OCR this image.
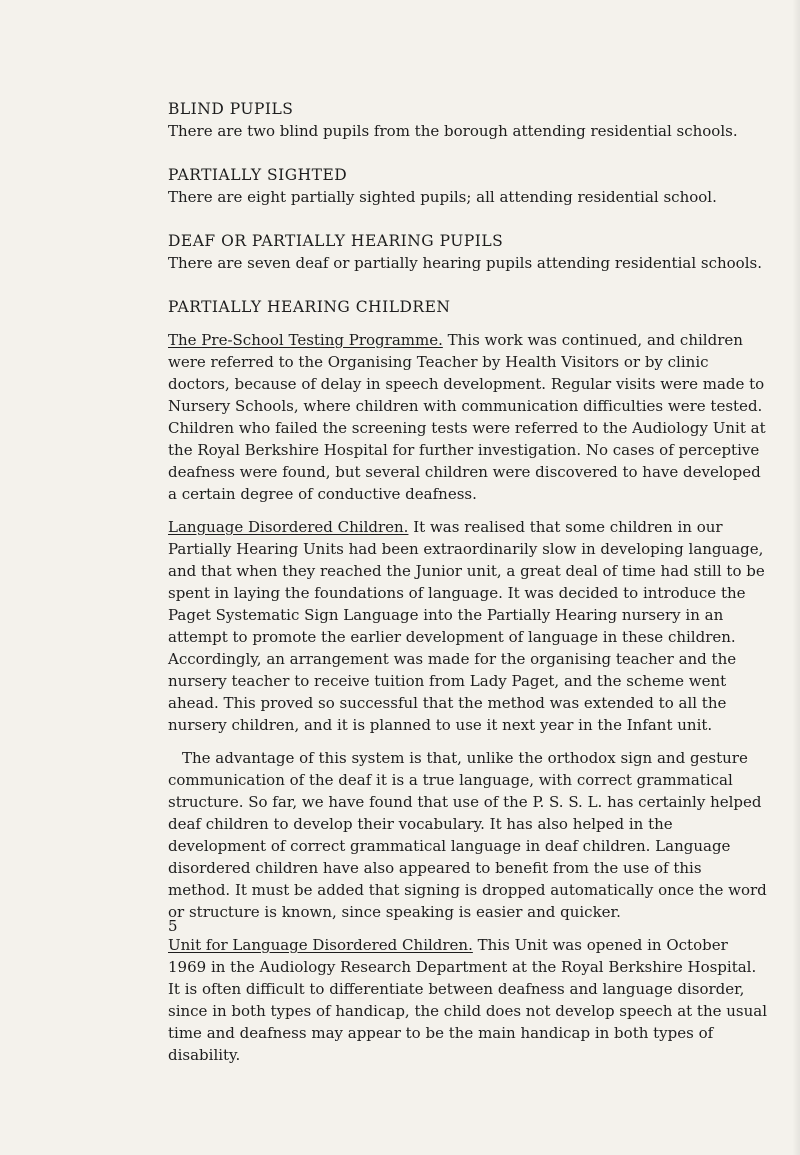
BLIND PUPILS

There are two blind pupils from the borough attending residential schools.

PARTIALLY SIGHTED

There are eight partially sighted pupils; all attending residential school.

DEAF OR PARTIALLY HEARING PUPILS

There are seven deaf or partially hearing pupils attending residential schools.

PARTIALLY HEARING CHILDREN

The Pre-School Testing Programme. This work was continued, and children were referred to the Organising Teacher by Health Visitors or by clinic doctors, because of delay in speech development. Regular visits were made to Nursery Schools, where children with communication difficulties were tested. Children who failed the screening tests were referred to the Audiology Unit at the Royal Berkshire Hospital for further investigation. No cases of perceptive deafness were found, but several children were discovered to have developed a certain degree of conductive deafness.

Language Disordered Children. It was realised that some children in our Partially Hearing Units had been extraordinarily slow in developing language, and that when they reached the Junior unit, a great deal of time had still to be spent in laying the foundations of language. It was decided to introduce the Paget Systematic Sign Language into the Partially Hearing nursery in an attempt to promote the earlier development of language in these children. Accordingly, an arrangement was made for the organising teacher and the nursery teacher to receive tuition from Lady Paget, and the scheme went ahead. This proved so successful that the method was extended to all the nursery children, and it is planned to use it next year in the Infant unit.

The advantage of this system is that, unlike the orthodox sign and gesture communication of the deaf it is a true language, with correct grammatical structure. So far, we have found that use of the P. S. S. L. has certainly helped deaf children to develop their vocabulary. It has also helped in the development of correct grammatical language in deaf children. Language disordered children have also appeared to benefit from the use of this method. It must be added that signing is dropped automatically once the word or structure is known, since speaking is easier and quicker.

Unit for Language Disordered Children. This Unit was opened in October 1969 in the Audiology Research Department at the Royal Berkshire Hospital. It is often difficult to differentiate between deafness and language disorder, since in both types of handicap, the child does not develop speech at the usual time and deafness may appear to be the main handicap in both types of disability.

5
